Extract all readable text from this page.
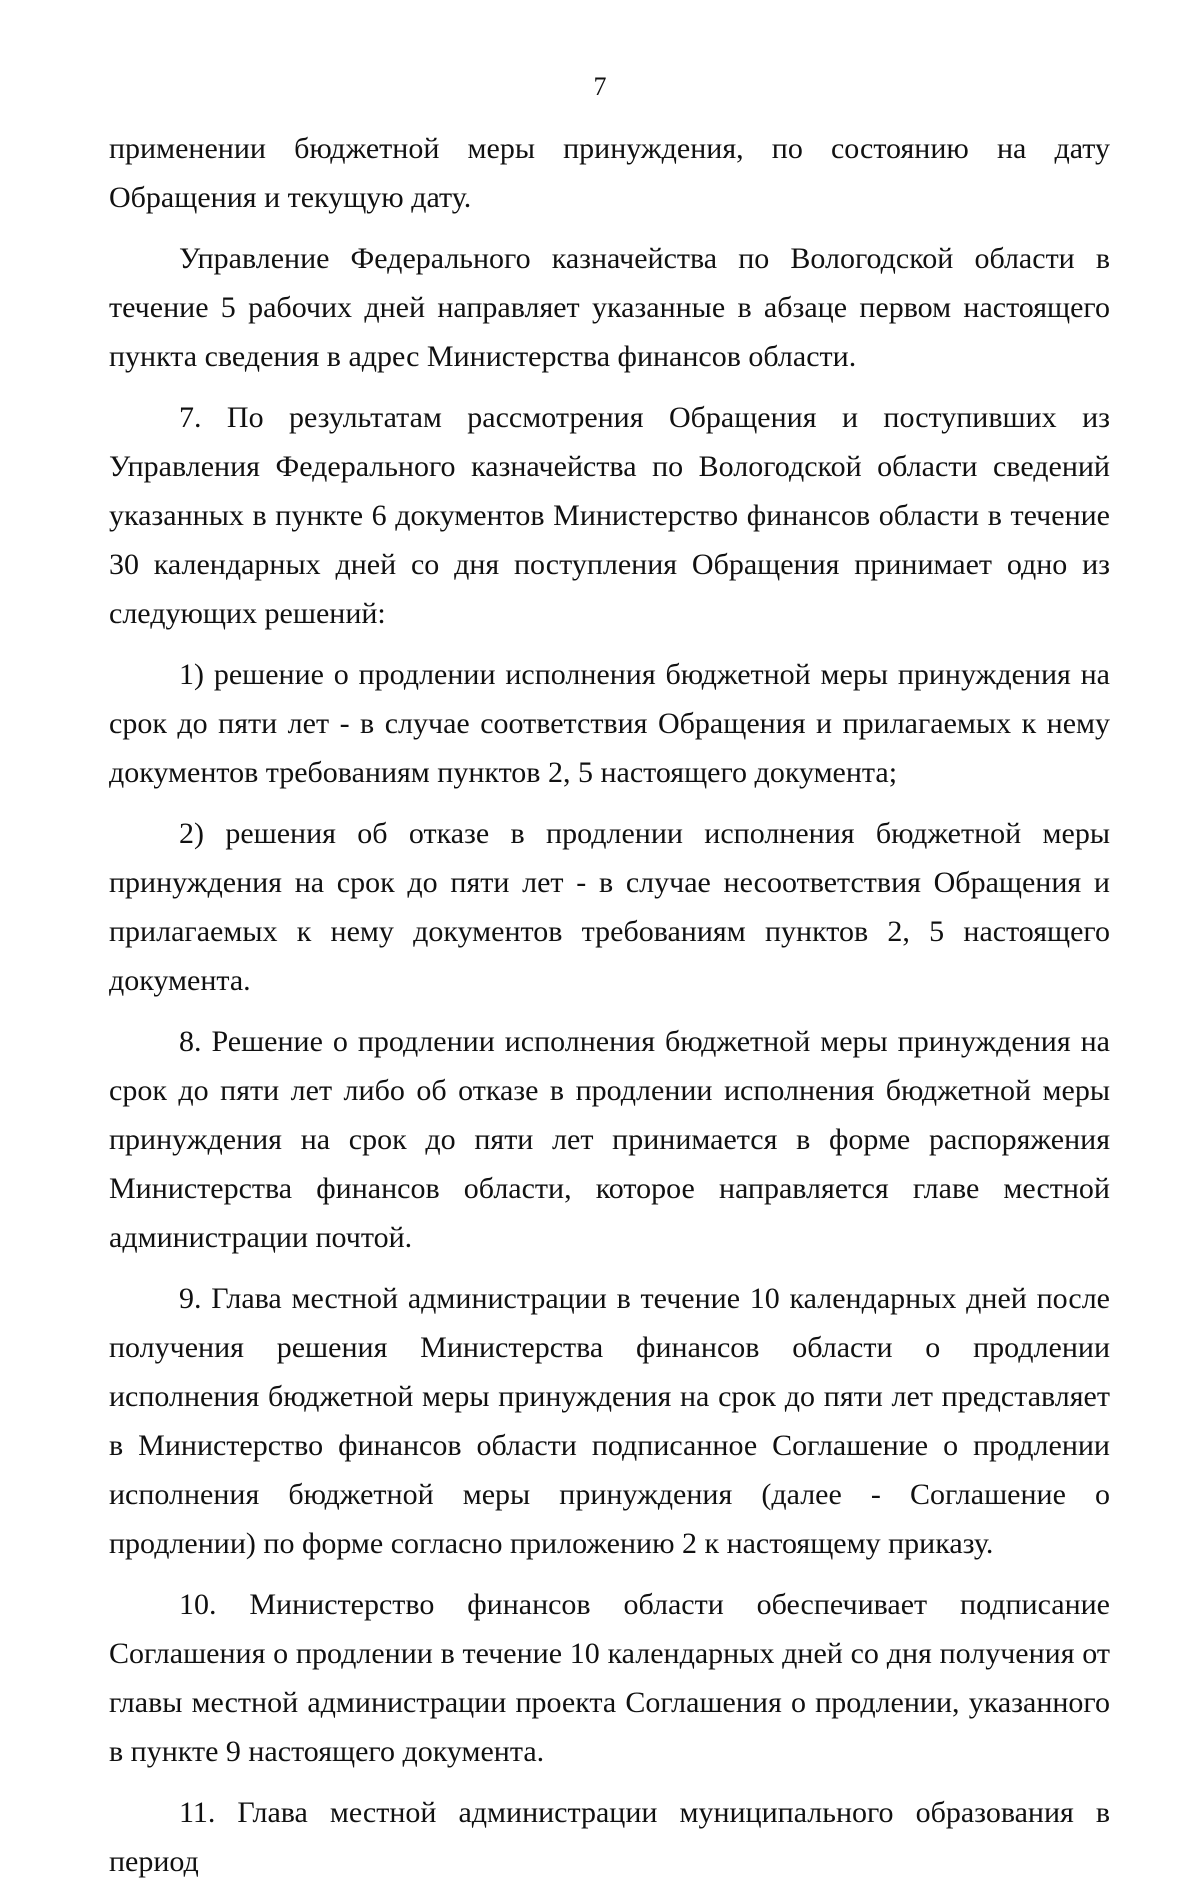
7

применении бюджетной меры принуждения, по состоянию на дату Обращения и текущую дату.

Управление Федерального казначейства по Вологодской области в течение 5 рабочих дней направляет указанные в абзаце первом настоящего пункта сведения в адрес Министерства финансов области.

7. По результатам рассмотрения Обращения и поступивших из Управления Федерального казначейства по Вологодской области сведений указанных в пункте 6 документов Министерство финансов области в течение 30 календарных дней со дня поступления Обращения принимает одно из следующих решений:

1) решение о продлении исполнения бюджетной меры принуждения на срок до пяти лет - в случае соответствия Обращения и прилагаемых к нему документов требованиям пунктов 2, 5 настоящего документа;

2) решения об отказе в продлении исполнения бюджетной меры принуждения на срок до пяти лет - в случае несоответствия Обращения и прилагаемых к нему документов требованиям пунктов 2, 5 настоящего документа.

8. Решение о продлении исполнения бюджетной меры принуждения на срок до пяти лет либо об отказе в продлении исполнения бюджетной меры принуждения на срок до пяти лет принимается в форме распоряжения Министерства финансов области, которое направляется главе местной администрации почтой.

9. Глава местной администрации в течение 10 календарных дней после получения решения Министерства финансов области о продлении исполнения бюджетной меры принуждения на срок до пяти лет представляет в Министерство финансов области подписанное Соглашение о продлении исполнения бюджетной меры принуждения (далее - Соглашение о продлении) по форме согласно приложению 2 к настоящему приказу.

10. Министерство финансов области обеспечивает подписание Соглашения о продлении в течение 10 календарных дней со дня получения от главы местной администрации проекта Соглашения о продлении, указанного в пункте 9 настоящего документа.

11. Глава местной администрации муниципального образования в период
